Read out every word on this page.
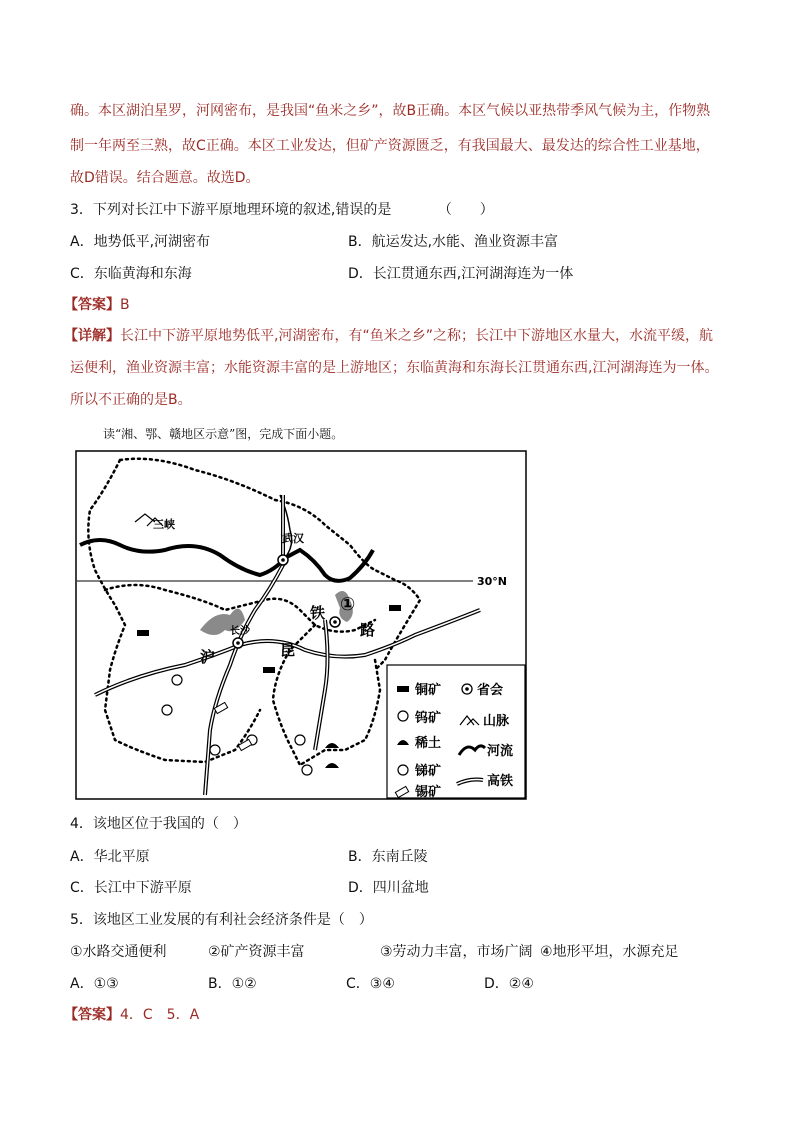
确。本区湖泊星罗，河网密布，是我国“鱼米之乡”，故B正确。本区气候以亚热带季风气候为主，作物熟
制一年两至三熟，故C正确。本区工业发达，但矿产资源匮乏，有我国最大、最发达的综合性工业基地，
故D错误。结合题意。故选D。
3．下列对长江中下游平原地理环境的叙述,错误的是	（　　）
A．地势低平,河湖密布	B．航运发达,水能、渔业资源丰富
C．东临黄海和东海	D．长江贯通东西,江河湖海连为一体
【答案】B
【详解】长江中下游平原地势低平,河湖密布，有“鱼米之乡”之称；长江中下游地区水量大，水流平缓，航
运便利，渔业资源丰富；水能资源丰富的是上游地区；东临黄海和东海长江贯通东西,江河湖海连为一体。
所以不正确的是B。
读“湘、鄂、赣地区示意”图，完成下面小题。
30°N
三峡
武汉
长沙
①
沪	昆
铁
路
铜矿	省会
钨矿	山脉
稀土
河流
锑矿
高铁
锡矿
4．该地区位于我国的（　）
A．华北平原	B．东南丘陵
C．长江中下游平原	D．四川盆地
5．该地区工业发展的有利社会经济条件是（　）
①水路交通便利	②矿产资源丰富	③劳动力丰富，市场广阔 ④地形平坦，水源充足
A．①③	B．①②	C．③④	D．②④
【答案】4．C　5．A
